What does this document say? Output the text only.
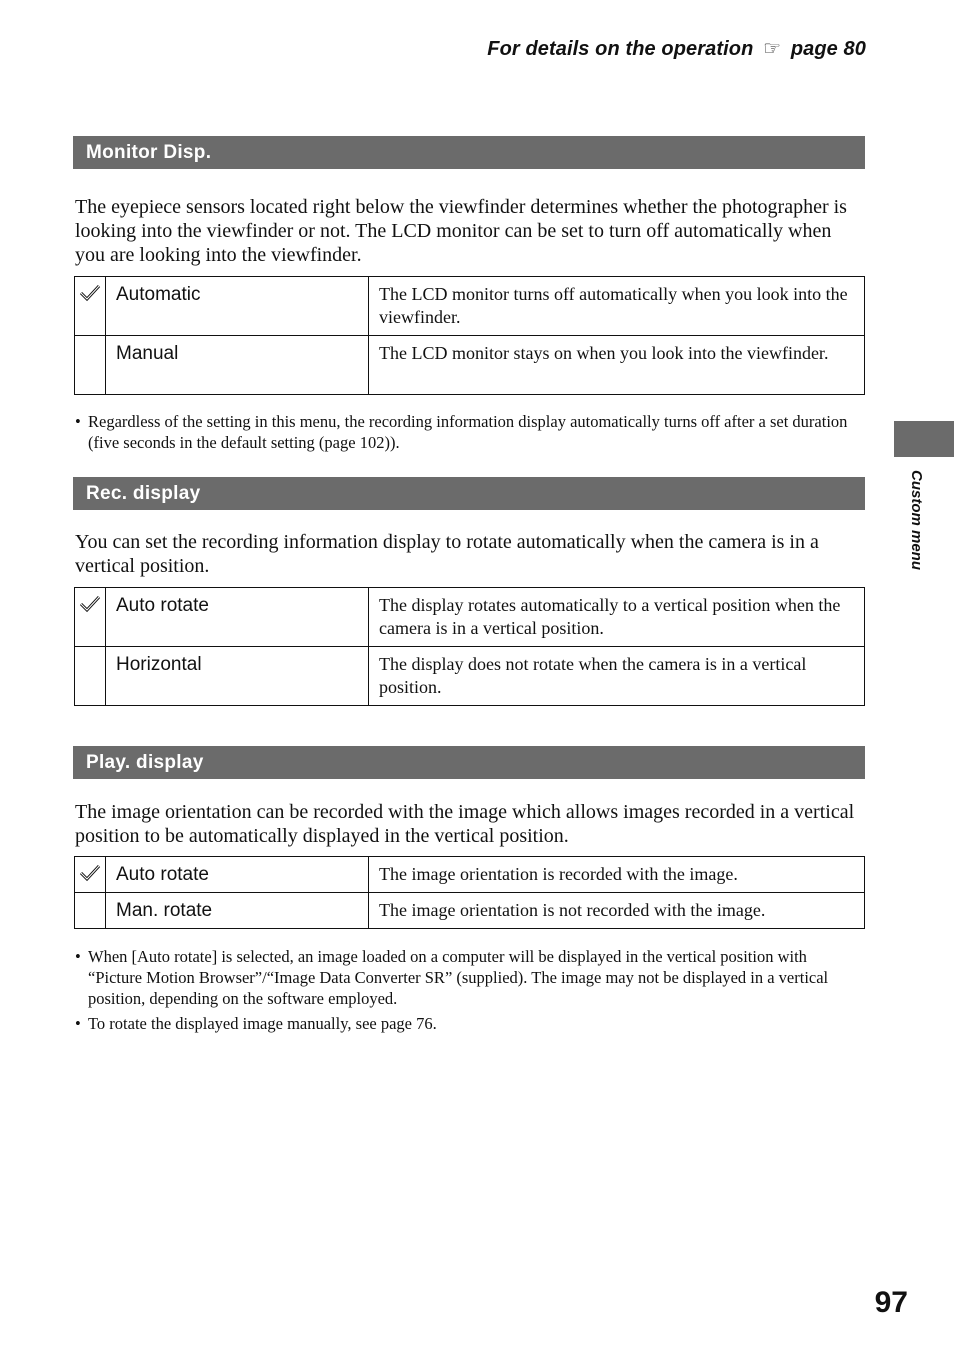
For details on the operation ☞ page 80
Monitor Disp.

The eyepiece sensors located right below the viewfinder determines whether the photographer is looking into the viewfinder or not. The LCD monitor can be set to turn off automatically when you are looking into the viewfinder.

	Automatic	The LCD monitor turns off automatically when you look into the viewfinder.
	Manual	The LCD monitor stays on when you look into the viewfinder.

• Regardless of the setting in this menu, the recording information display automatically turns off after a set duration (five seconds in the default setting (page 102)).

Rec. display

You can set the recording information display to rotate automatically when the camera is in a vertical position.

	Auto rotate	The display rotates automatically to a vertical position when the camera is in a vertical position.
	Horizontal	The display does not rotate when the camera is in a vertical position.
Play. display

The image orientation can be recorded with the image which allows images recorded in a vertical position to be automatically displayed in the vertical position.

	Auto rotate	The image orientation is recorded with the image.
	Man. rotate	The image orientation is not recorded with the image.

• When [Auto rotate] is selected, an image loaded on a computer will be displayed in the vertical position with “Picture Motion Browser”/“Image Data Converter SR” (supplied). The image may not be displayed in a vertical position, depending on the software employed.

• To rotate the displayed image manually, see page 76.

Custom menu
97
